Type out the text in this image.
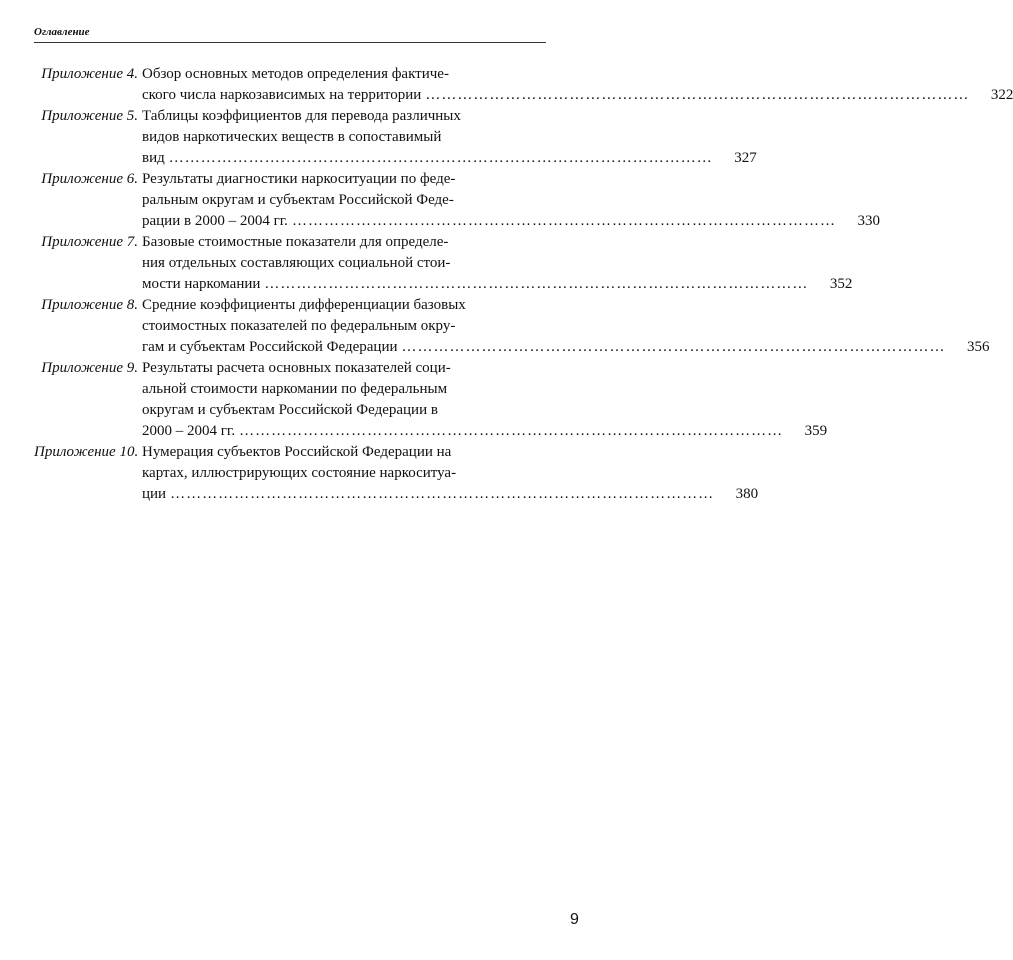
Оглавление
Приложение 4. Обзор основных методов определения фактиче-
ского числа наркозависимых на территории …………………………………………………………………………………………	322
Приложение 5. Таблицы коэффициентов для перевода различных
видов наркотических веществ в сопоставимый
вид …………………………………………………………………………………………	327
Приложение 6. Результаты диагностики наркоситуации по феде-
ральным округам и субъектам Российской Феде-
рации в 2000 – 2004 гг. …………………………………………………………………………………………	330
Приложение 7. Базовые стоимостные показатели для определе-
ния отдельных составляющих социальной стои-
мости наркомании …………………………………………………………………………………………	352
Приложение 8. Средние коэффициенты дифференциации базовых
стоимостных показателей по федеральным окру-
гам и субъектам Российской Федерации …………………………………………………………………………………………	356
Приложение 9. Результаты расчета основных показателей соци-
альной стоимости наркомании по федеральным
округам и субъектам Российской Федерации в
2000 – 2004 гг. …………………………………………………………………………………………	359
Приложение 10. Нумерация субъектов Российской Федерации на
картах, иллюстрирующих состояние наркоситуа-
ции …………………………………………………………………………………………	380
9
